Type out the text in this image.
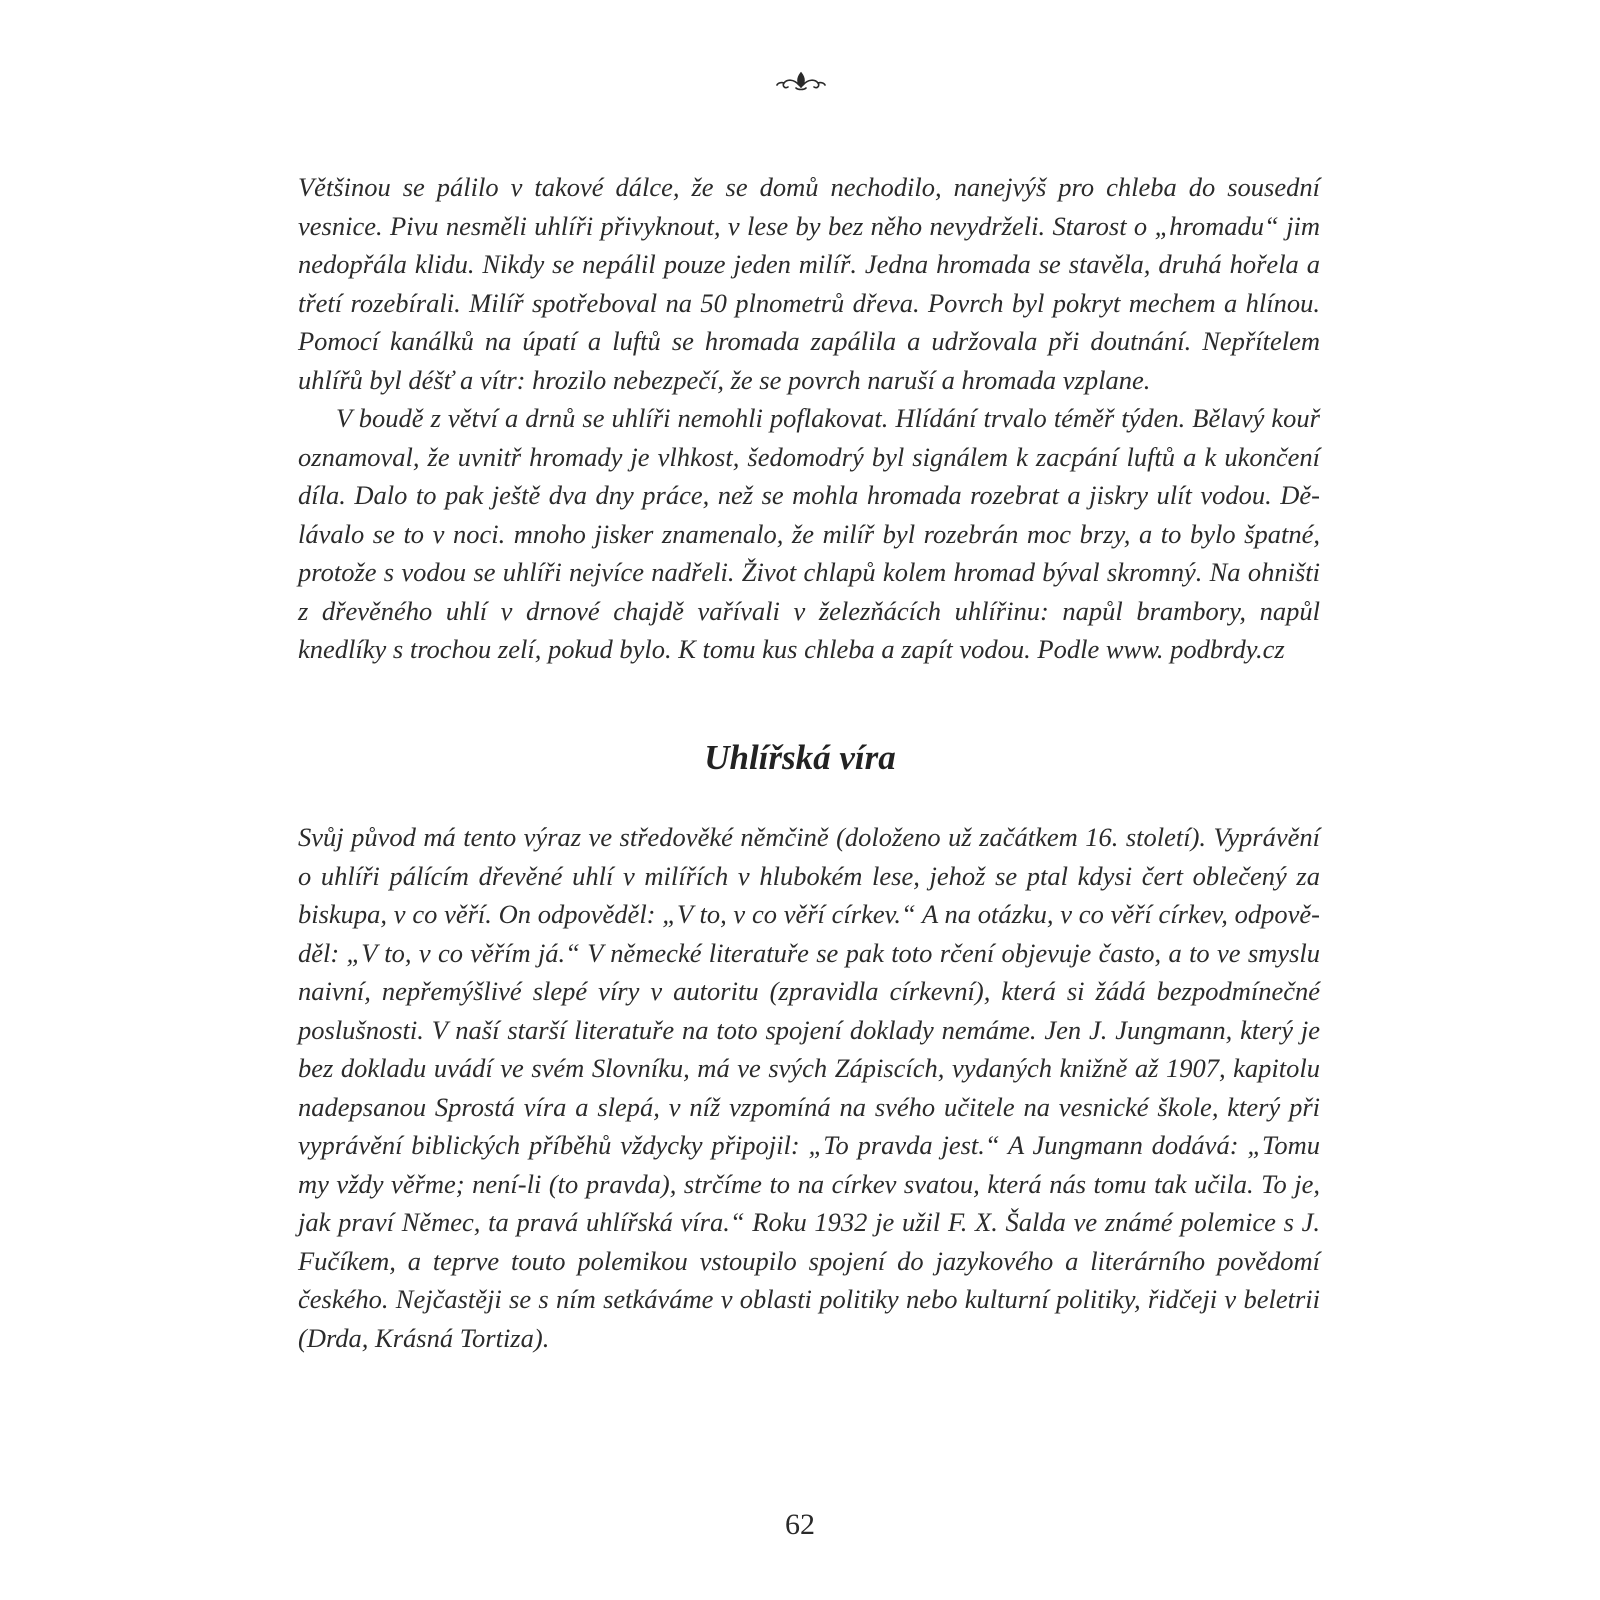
Většinou se pálilo v takové dálce, že se domů nechodilo, nanejvýš pro chleba do sousední vesnice. Pivu nesměli uhlíři přivyknout, v lese by bez něho nevydrželi. Starost o „hromadu“ jim nedopřála klidu. Nikdy se nepálil pouze jeden milíř. Jedna hromada se stavěla, druhá hořela a třetí rozebírali. Milíř spotřeboval na 50 plnometrů dřeva. Povrch byl pokryt mechem a hlínou. Pomocí kanálků na úpatí a luftů se hromada zapálila a udržovala při doutnání. Nepřítelem uhlířů byl déšť a vítr: hrozilo nebezpečí, že se povrch naruší a hromada vzplane.

V boudě z větví a drnů se uhlíři nemohli poflakovat. Hlídání trvalo téměř týden. Bělavý kouř oznamoval, že uvnitř hromady je vlhkost, šedomodrý byl signálem k zacpání luftů a k ukončení díla. Dalo to pak ještě dva dny práce, než se mohla hromada rozebrat a jiskry ulít vodou. Dělávalo se to v noci. mnoho jisker znamenalo, že milíř byl rozebrán moc brzy, a to bylo špatné, protože s vodou se uhlíři nejvíce nadřeli. Život chlapů kolem hromad býval skromný. Na ohništi z dřevěného uhlí v drnové chajdě vařívali v železňácích uhlířinu: napůl brambory, napůl knedlíky s trochou zelí, pokud bylo. K tomu kus chleba a zapít vodou. Podle www. podbrdy.cz

Uhlířská víra

Svůj původ má tento výraz ve středověké němčině (doloženo už začátkem 16. století). Vyprávění o uhlíři pálícím dřevěné uhlí v milířích v hlubokém lese, jehož se ptal kdysi čert oblečený za biskupa, v co věří. On odpověděl: „V to, v co věří církev.“ A na otázku, v co věří církev, odpověděl: „V to, v co věřím já.“ V německé literatuře se pak toto rčení objevuje často, a to ve smyslu naivní, nepřemýšlivé slepé víry v autoritu (zpravidla církevní), která si žádá bezpodmínečné poslušnosti. V naší starší literatuře na toto spojení doklady nemáme. Jen J. Jungmann, který je bez dokladu uvádí ve svém Slovníku, má ve svých Zápiscích, vydaných knižně až 1907, kapitolu nadepsanou Sprostá víra a slepá, v níž vzpomíná na svého učitele na vesnické škole, který při vyprávění biblických příběhů vždycky připojil: „To pravda jest.“ A Jungmann dodává: „Tomu my vždy věřme; není-li (to pravda), strčíme to na církev svatou, která nás tomu tak učila. To je, jak praví Němec, ta pravá uhlířská víra.“ Roku 1932 je užil F. X. Šalda ve známé polemice s J. Fučíkem, a teprve touto polemikou vstoupilo spojení do jazykového a literárního povědomí českého. Nejčastěji se s ním setkáváme v oblasti politiky nebo kulturní politiky, řidčeji v beletrii (Drda, Krásná Tortiza).

62
